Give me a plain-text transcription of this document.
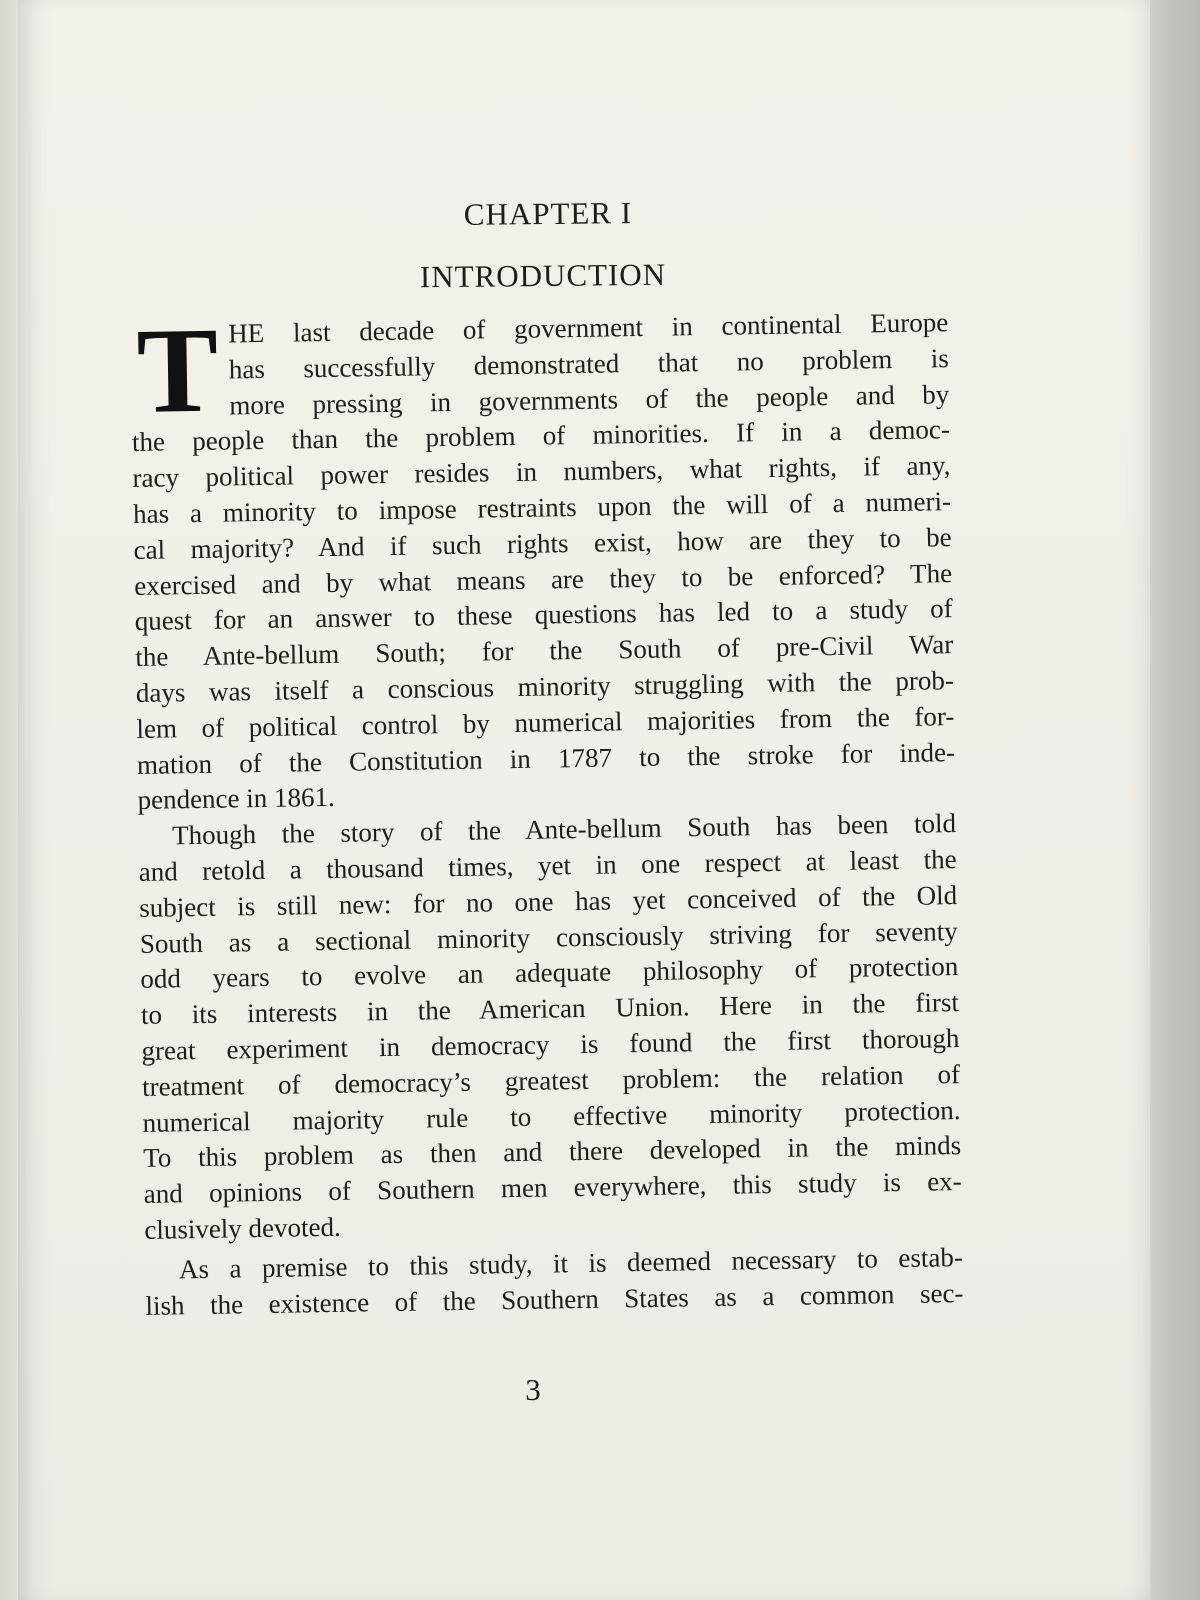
CHAPTER I
INTRODUCTION
T HE last decade of government in continental Europe
has successfully demonstrated that no problem is
more pressing in governments of the people and by
the people than the problem of minorities. If in a democ-
racy political power resides in numbers, what rights, if any,
has a minority to impose restraints upon the will of a numeri-
cal majority? And if such rights exist, how are they to be
exercised and by what means are they to be enforced? The
quest for an answer to these questions has led to a study of
the Ante-bellum South; for the South of pre-Civil War
days was itself a conscious minority struggling with the prob-
lem of political control by numerical majorities from the for-
mation of the Constitution in 1787 to the stroke for inde-
pendence in 1861.
Though the story of the Ante-bellum South has been told
and retold a thousand times, yet in one respect at least the
subject is still new: for no one has yet conceived of the Old
South as a sectional minority consciously striving for seventy
odd years to evolve an adequate philosophy of protection
to its interests in the American Union. Here in the first
great experiment in democracy is found the first thorough
treatment of democracy’s greatest problem: the relation of
numerical majority rule to effective minority protection.
To this problem as then and there developed in the minds
and opinions of Southern men everywhere, this study is ex-
clusively devoted.
As a premise to this study, it is deemed necessary to estab-
lish the existence of the Southern States as a common sec-
3
